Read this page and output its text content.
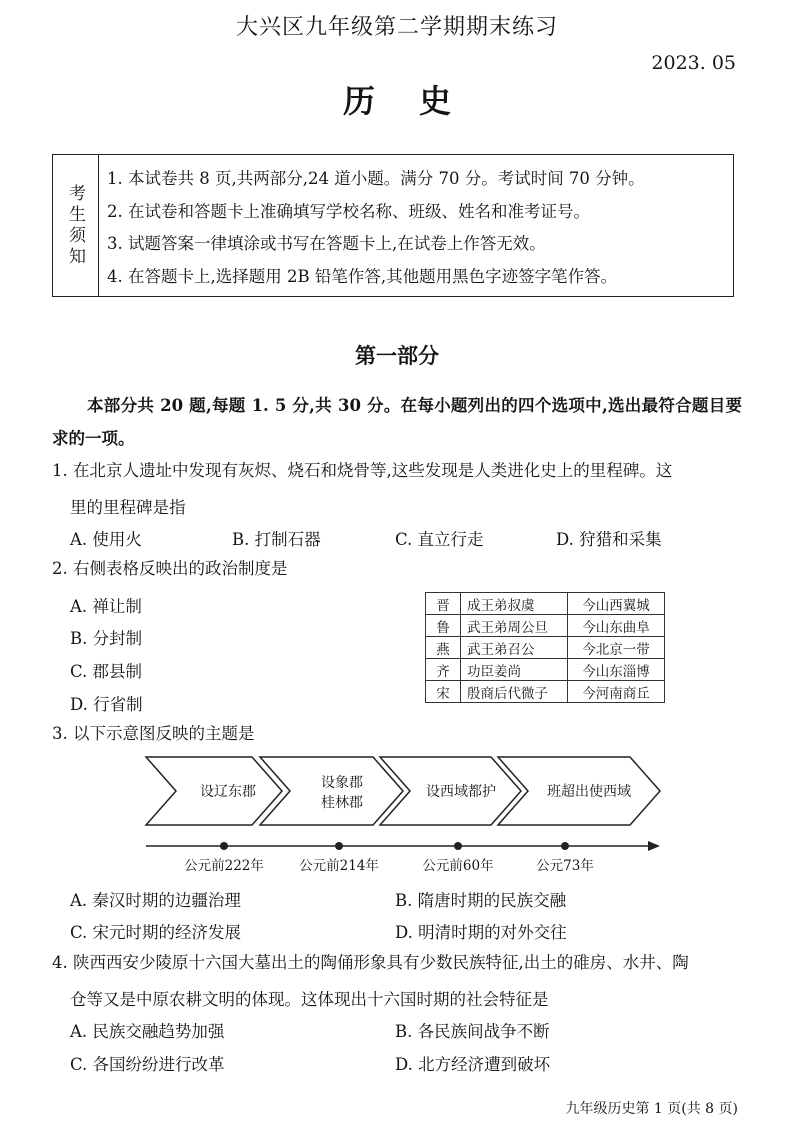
大兴区九年级第二学期期末练习
2023. 05
历史
考生须知
1. 本试卷共 8 页,共两部分,24 道小题。满分 70 分。考试时间 70 分钟。
2. 在试卷和答题卡上准确填写学校名称、班级、姓名和准考证号。
3. 试题答案一律填涂或书写在答题卡上,在试卷上作答无效。
4. 在答题卡上,选择题用 2B 铅笔作答,其他题用黑色字迹签字笔作答。
第一部分
本部分共 20 题,每题 1. 5 分,共 30 分。在每小题列出的四个选项中,选出最符合题目要求的一项。
1. 在北京人遗址中发现有灰烬、烧石和烧骨等,这些发现是人类进化史上的里程碑。这
里的里程碑是指
A. 使用火	B. 打制石器	C. 直立行走	D. 狩猎和采集
2. 右侧表格反映出的政治制度是
A. 禅让制
B. 分封制
C. 郡县制
D. 行省制
晋	成王弟叔虞	今山西翼城
鲁	武王弟周公旦	今山东曲阜
燕	武王弟召公	今北京一带
齐	功臣姜尚	今山东淄博
宋	殷商后代微子	今河南商丘
3. 以下示意图反映的主题是
设辽东郡
设象郡
桂林郡
设西域都护	班超出使西域
公元前222年	公元前214年	公元前60年	公元73年
A. 秦汉时期的边疆治理	B. 隋唐时期的民族交融
C. 宋元时期的经济发展	D. 明清时期的对外交往
4. 陕西西安少陵原十六国大墓出土的陶俑形象具有少数民族特征,出土的碓房、水井、陶
仓等又是中原农耕文明的体现。这体现出十六国时期的社会特征是
A. 民族交融趋势加强	B. 各民族间战争不断
C. 各国纷纷进行改革	D. 北方经济遭到破坏
九年级历史第 1 页(共 8 页)
